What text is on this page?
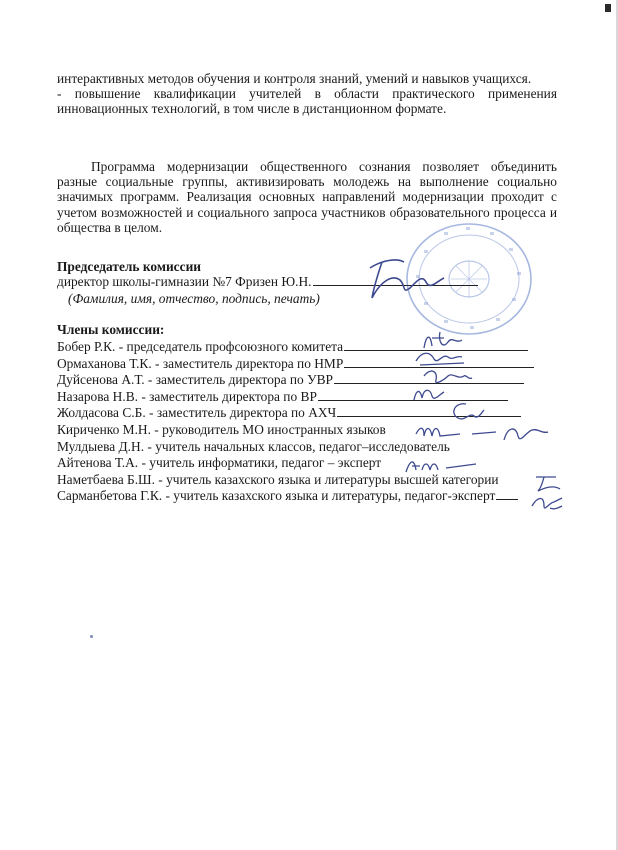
интерактивных методов обучения и контроля знаний, умений и навыков учащихся.
- повышение квалификации учителей в области практического применения инновационных технологий, в том числе в дистанционном формате.
Программа модернизации общественного сознания позволяет объединить разные социальные группы, активизировать молодежь на выполнение социально значимых программ. Реализация основных направлений модернизации проходит с учетом возможностей и социального запроса участников образовательного процесса и общества в целом.
Председатель комиссии
директор школы-гимназии №7 Фризен Ю.Н.
(Фамилия, имя, отчество, подпись, печать)
Члены комиссии:
Бобер Р.К. - председатель профсоюзного комитета
Ормаханова Т.К. - заместитель директора по НМР
Дуйсенова А.Т. - заместитель директора по УВР
Назарова Н.В. - заместитель директора по ВР
Жолдасова С.Б. - заместитель директора по АХЧ
Кириченко М.Н. - руководитель МО иностранных языков
Мулдыева Д.Н. - учитель начальных классов, педагог–исследователь
Айтенова Т.А. - учитель информатики, педагог – эксперт
Наметбаева Б.Ш. - учитель казахского языка и литературы высшей категории
Сарманбетова Г.К. - учитель казахского языка и литературы, педагог-эксперт
